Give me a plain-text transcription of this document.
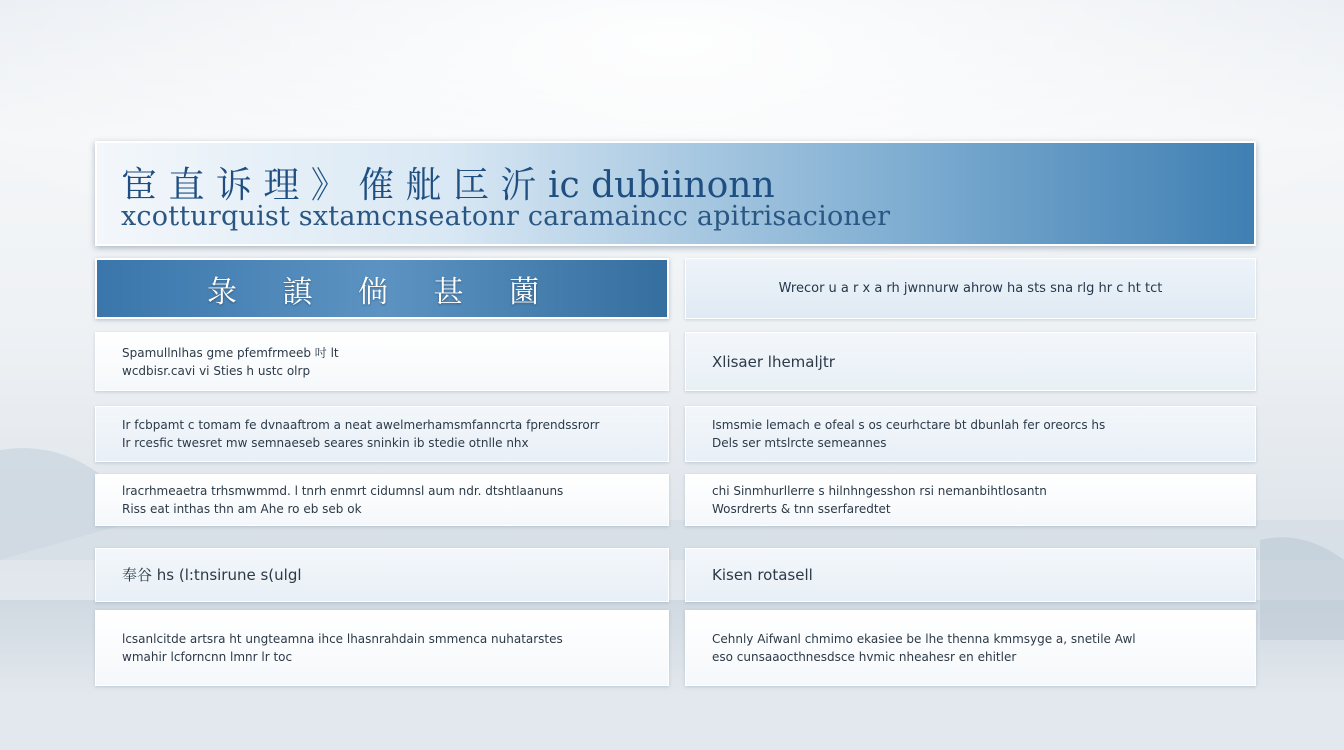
宦 直 诉 理 》 傕 舭 匞 沂 ic dubiinonn
xcotturquist sxtamcnseatonr caramaincc apitrisacioner
彔 謓 倘 甚 薗	Wrecor u a r x a rh jwnnurw ahrow ha sts sna rlg hr c ht tct
Spamullnlhas gme pfemfrmeeb 吋 lt
wcdbisr.cavi vi Sties h ustc olrp	Xlisaer lhemaljtr
Ir fcbpamt c tomam fe dvnaaftrom a neat awelmerhamsmfanncrta fprendssrorr
Ir rcesfic twesret mw semnaeseb seares sninkin ib stedie otnlle nhx
Ismsmie lemach e ofeal s os ceurhctare bt dbunlah fer oreorcs hs
Dels ser mtslrcte semeannes
lracrhmeaetra trhsmwmmd. l tnrh enmrt cidumnsl aum ndr. dtshtlaanuns
Riss eat inthas thn am Ahe ro eb seb ok
chi Sinmhurllerre s hilnhngesshon rsi nemanbihtlosantn
Wosrdrerts & tnn sserfaredtet
奉谷 hs (l:tnsirune s(ulgl	Kisen rotasell
lcsanlcitde artsra ht ungteamna ihce lhasnrahdain smmenca nuhatarstes
wmahir lcforncnn lmnr lr toc
Cehnly Aifwanl chmimo ekasiee be lhe thenna kmmsyge a, snetile Awl
eso cunsaaocthnesdsce hvmic nheahesr en ehitler
